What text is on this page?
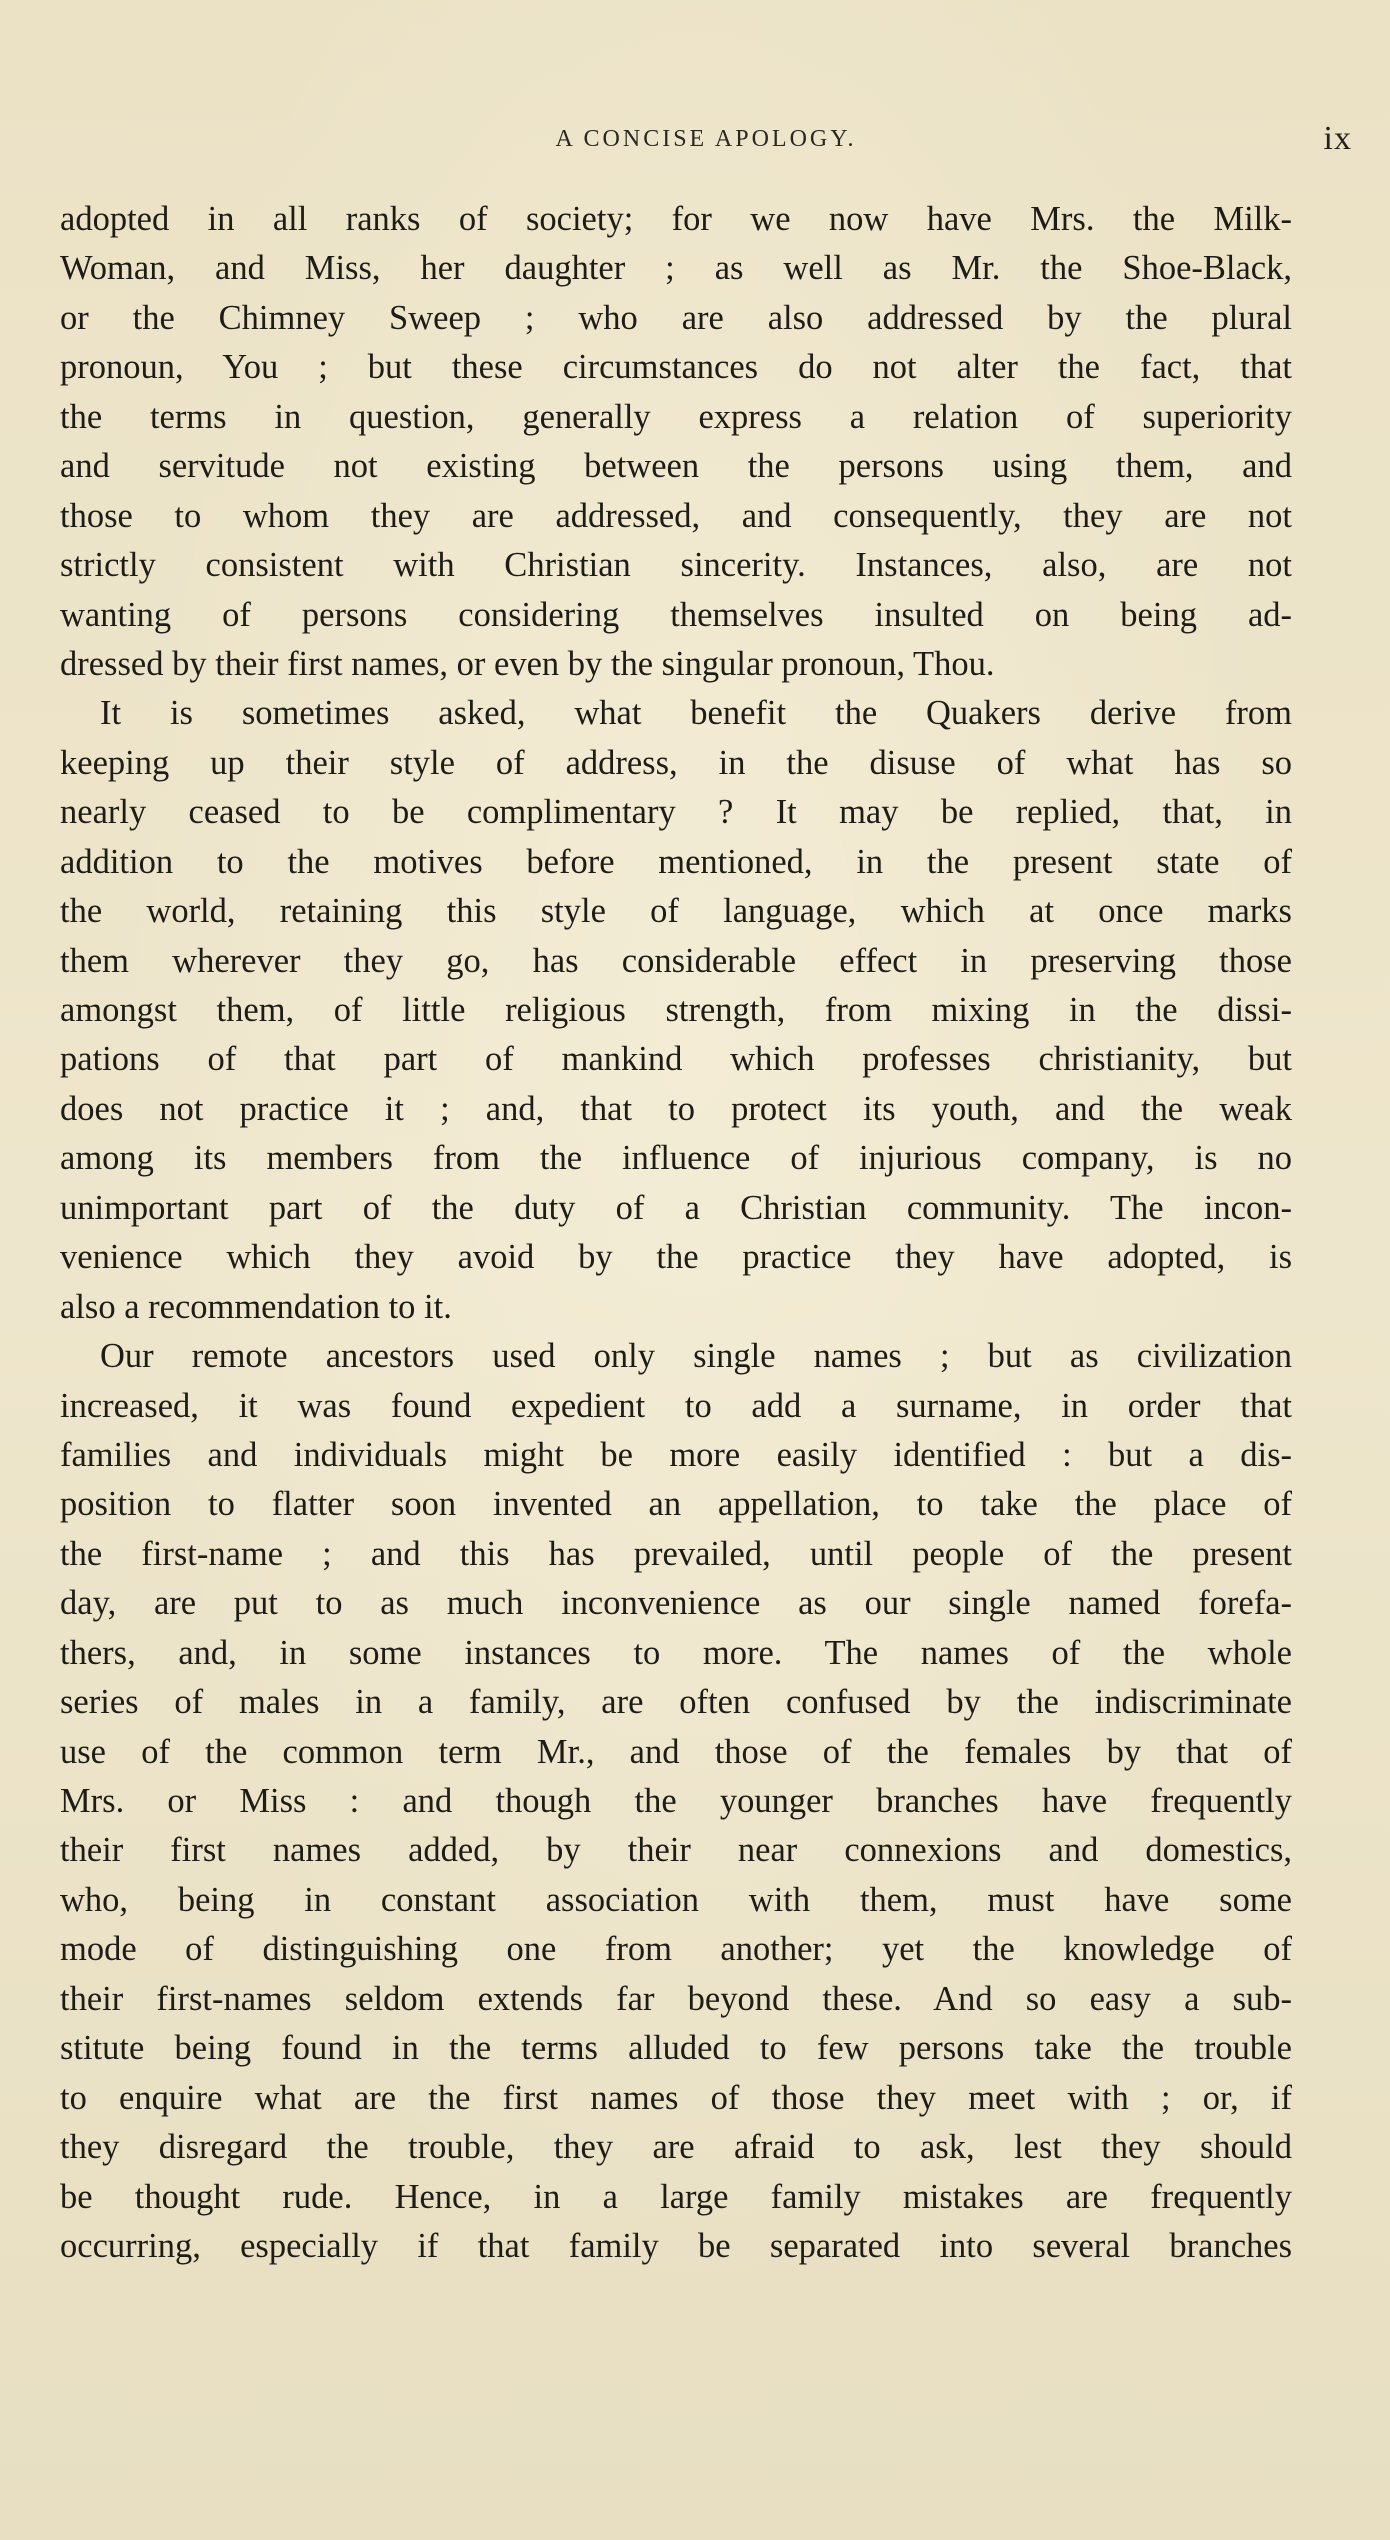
A CONCISE APOLOGY.	ix
adopted in all ranks of society; for we now have Mrs. the Milk-
Woman, and Miss, her daughter ; as well as Mr. the Shoe-Black,
or the Chimney Sweep ; who are also addressed by the plural
pronoun, You ; but these circumstances do not alter the fact, that
the terms in question, generally express a relation of superiority
and servitude not existing between the persons using them, and
those to whom they are addressed, and consequently, they are not
strictly consistent with Christian sincerity. Instances, also, are not
wanting of persons considering themselves insulted on being ad-
dressed by their first names, or even by the singular pronoun, Thou.
It is sometimes asked, what benefit the Quakers derive from
keeping up their style of address, in the disuse of what has so
nearly ceased to be complimentary ? It may be replied, that, in
addition to the motives before mentioned, in the present state of
the world, retaining this style of language, which at once marks
them wherever they go, has considerable effect in preserving those
amongst them, of little religious strength, from mixing in the dissi-
pations of that part of mankind which professes christianity, but
does not practice it ; and, that to protect its youth, and the weak
among its members from the influence of injurious company, is no
unimportant part of the duty of a Christian community. The incon-
venience which they avoid by the practice they have adopted, is
also a recommendation to it.
Our remote ancestors used only single names ; but as civilization
increased, it was found expedient to add a surname, in order that
families and individuals might be more easily identified : but a dis-
position to flatter soon invented an appellation, to take the place of
the first-name ; and this has prevailed, until people of the present
day, are put to as much inconvenience as our single named forefa-
thers, and, in some instances to more. The names of the whole
series of males in a family, are often confused by the indiscriminate
use of the common term Mr., and those of the females by that of
Mrs. or Miss : and though the younger branches have frequently
their first names added, by their near connexions and domestics,
who, being in constant association with them, must have some
mode of distinguishing one from another; yet the knowledge of
their first-names seldom extends far beyond these. And so easy a sub-
stitute being found in the terms alluded to few persons take the trouble
to enquire what are the first names of those they meet with ; or, if
they disregard the trouble, they are afraid to ask, lest they should
be thought rude. Hence, in a large family mistakes are frequently
occurring, especially if that family be separated into several branches
